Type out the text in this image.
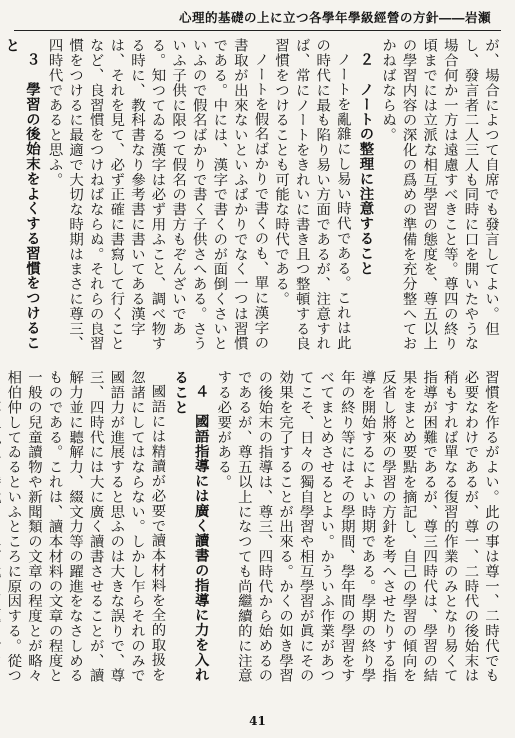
心理的基礎の上に立つ各學年學級經營の方針――岩瀬

が、場合によつて自席でも發言してよい。但し、發言者二人三人も同時に口を開いたやうな場合何か一方は遠慮すべきこと等。尊四の終り頃までには立派な相互學習の態度を、尊五以上の學習内容の深化の爲めの準備を充分整へておかねばならぬ。

２　ノートの整理に注意すること

ノートを亂雜にし易い時代である。これは此の時代に最も陷り易い方面であるが、注意すれば、常にノートをきれいに書き且つ整頓する良習慣をつけることも可能な時代である。

ノートを假名ばかりで書くのも、單に漢字の書取が出來ないといふばかりでなく一つは習慣である。中には、漢字で書くのが面倒くさいといふので假名ばかりで書く子供さへある。さういふ子供に限つて假名の書方もぞんざいである。知つてゐる漢字は必ず用ふこと、調べ物する時に、教科書なり參考書に書いてある漢字は、それを見て、必ず正確に書寫して行くことなど、良習慣をつけねばならぬ。それらの良習慣をつけるに最適で大切な時期はまさに尊三、四時代であると思ふ。

３　學習の後始末をよくする習慣をつけること

習慣を作るがよい。此の事は尊一、二時代でも必要なわけであるが、尊一、二時代の後始末は稍もすれば單なる復習的作業のみとなり易くて指導が困難であるが、尊三四時代は、學習の結果をまとめ要點を摘記し、自己の學習の傾向を反省し將來の學習の方針を考へさせたりする指導を開始するによい時期である。學期の終り學年の終り等にはその學期間、學年間の學習をすべてまとめさせるとよい。かういふ作業があつてこそ、日々の獨自學習や相互學習が眞にその効果を完了することが出來る。かくの如き學習の後始末の指導は、尊三、四時代から始めるのであるが、尊五以上になつても尚繼續的に注意する必要がある。

４　國語指導には廣く讀書の指導に力を入れること

國語には精讀が必要で讀本材料を全的取扱を忽諸にしてはならない。しかし乍らそれのみで國語力が進展すると思ふのは大きな誤りで、尊三、四時代には大に廣く讀書させることが、讀解力並に聽解力、綴文力等の躍進をなさしめるものである。これは、讀本材料の文章の程度と一般の兒童讀物や新聞類の文章の程度とが略々相伯仲してゐるといふところに原因する。從つ

41
